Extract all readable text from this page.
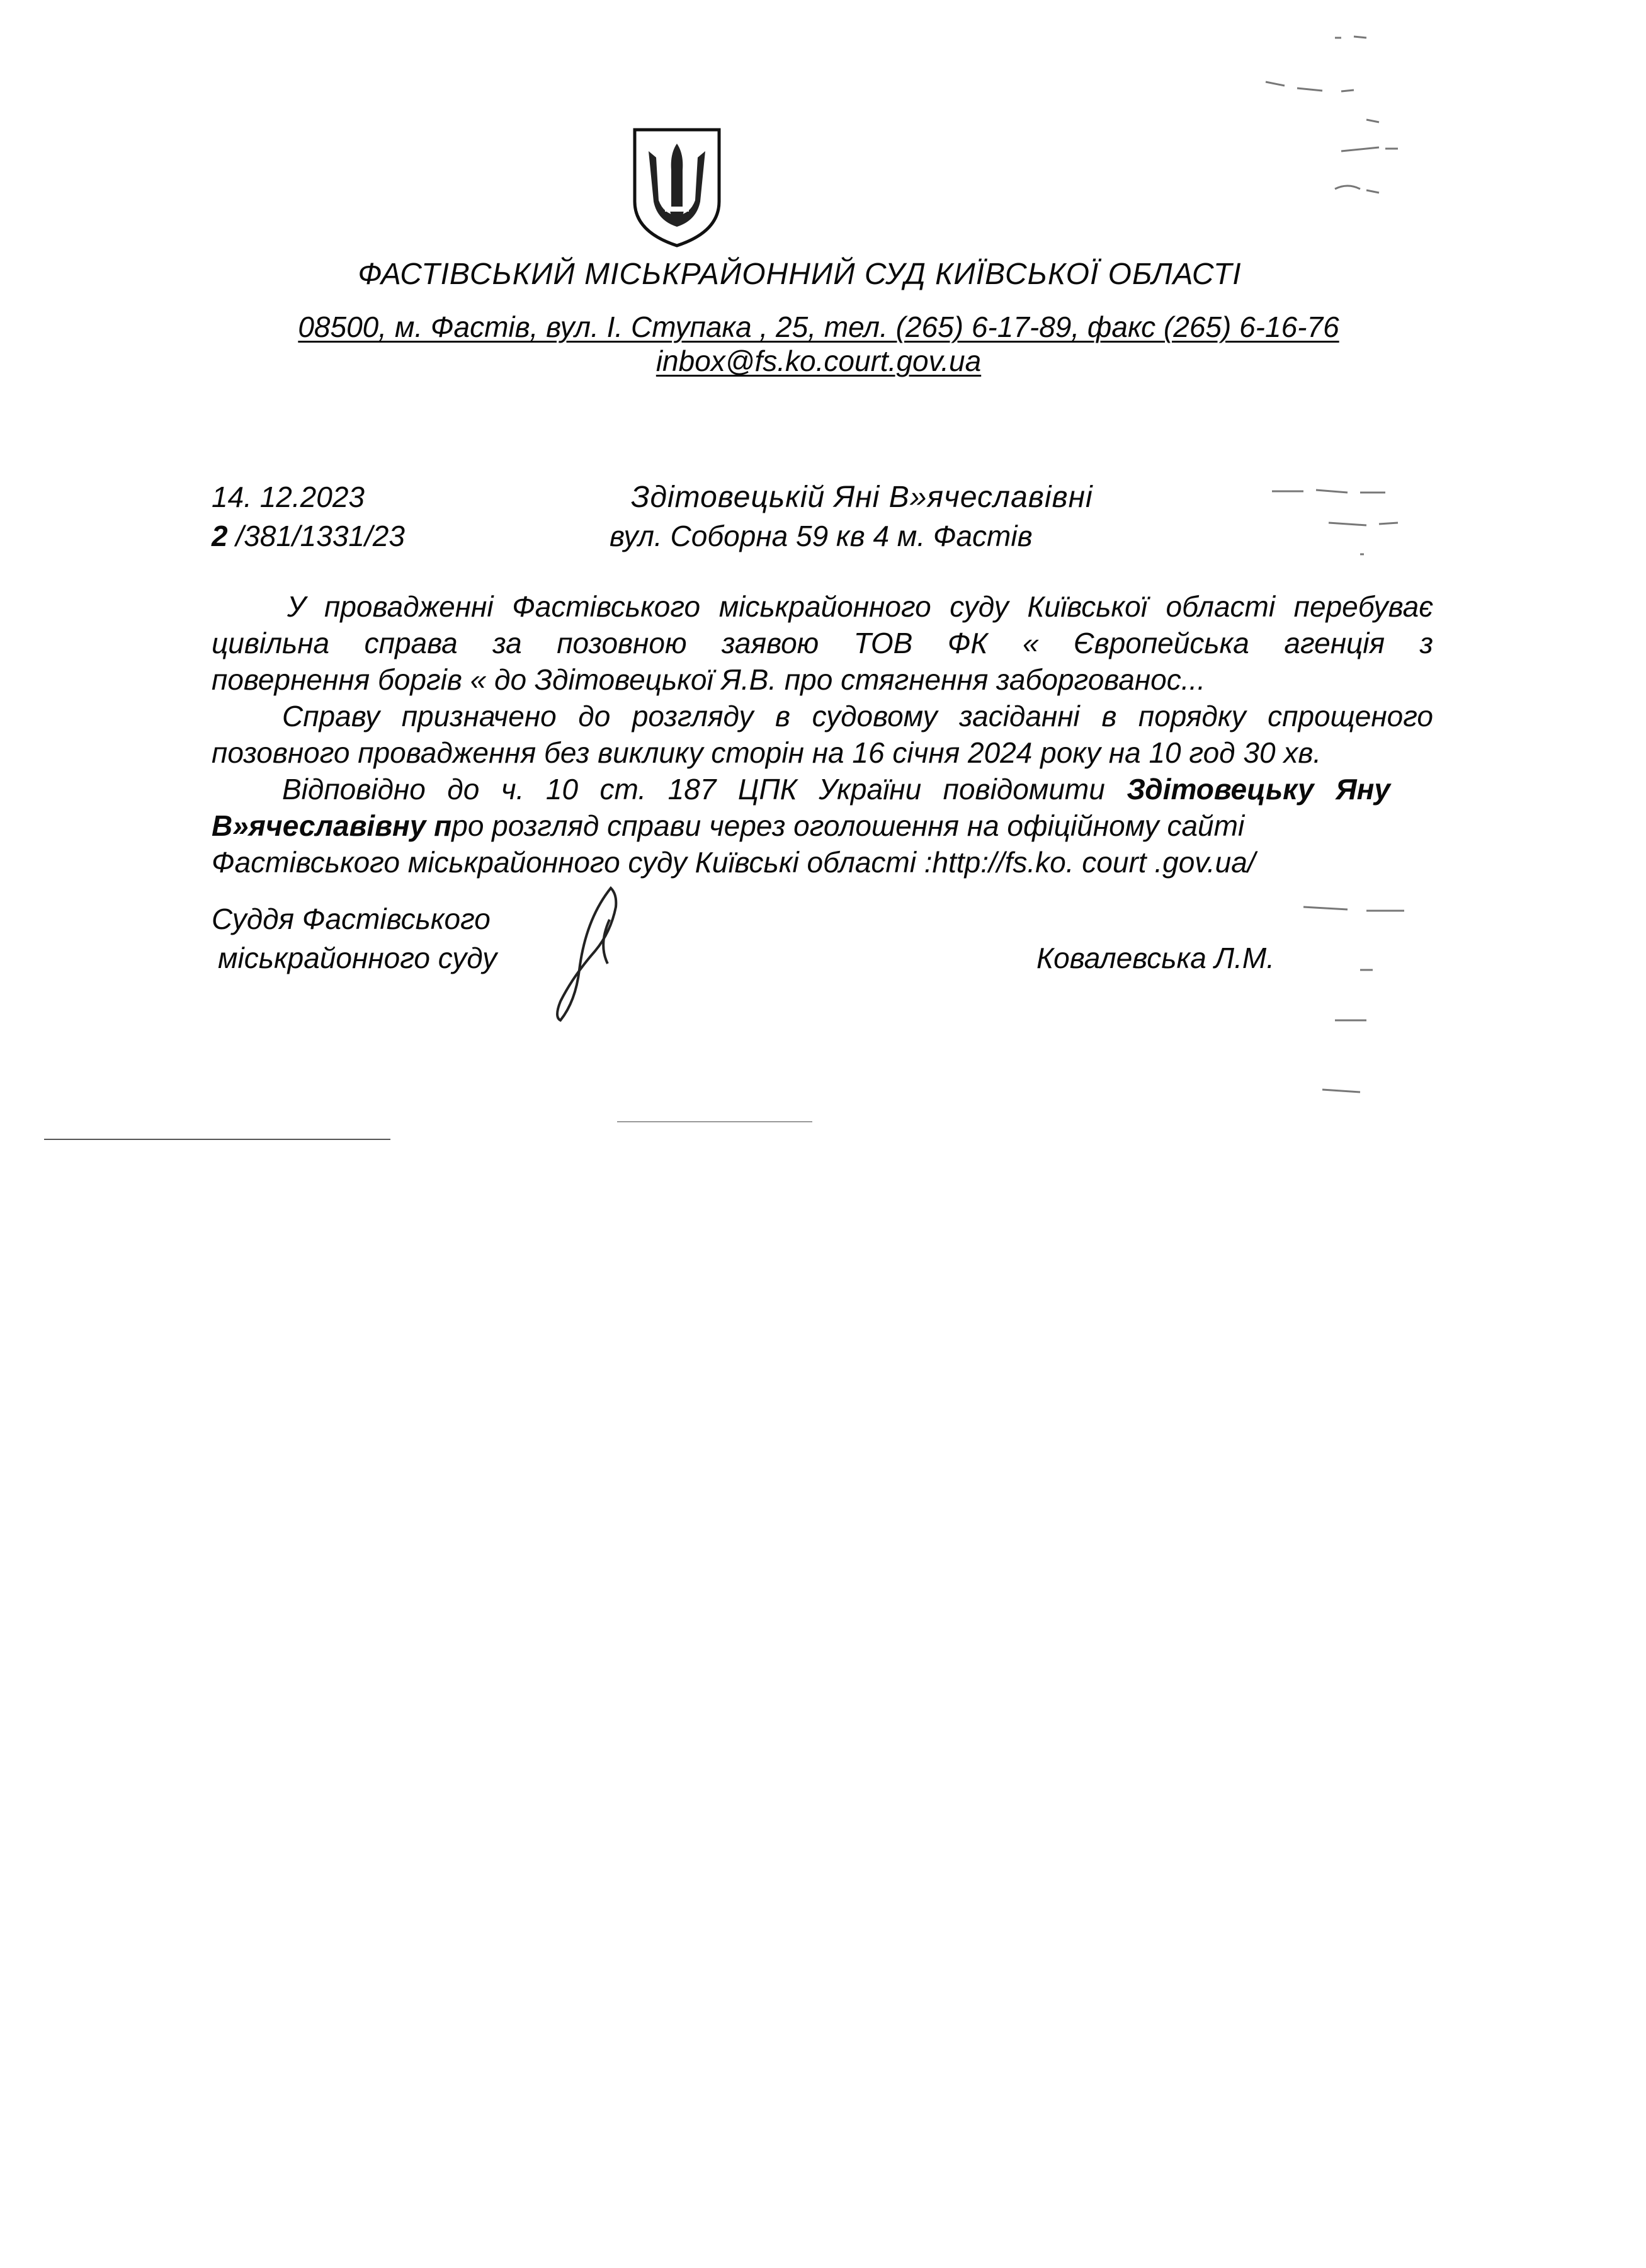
ФАСТІВСЬКИЙ МІСЬКРАЙОННИЙ СУД КИЇВСЬКОЇ ОБЛАСТІ
08500, м. Фастів, вул. І. Ступака , 25, тел. (265) 6-17-89, факс (265) 6-16-76
inbox@fs.ko.court.gov.ua
14. 12.2023
2 /381/1331/23
Здітовецькій Яні В»ячеславівні
вул. Соборна 59 кв 4 м. Фастів
У провадженні Фастівського міськрайонного суду Київської області перебуває
цивільна справа за позовною заявою ТОВ ФК « Європейська агенція з
повернення боргів « до Здітовецької Я.В. про стягнення заборгованос...
Справу призначено до розгляду в судовому засіданні в порядку спрощеного
позовного провадження без виклику сторін на 16 січня 2024 року на 10 год 30 хв.
Відповідно до ч. 10 ст. 187 ЦПК України повідомити Здітовецьку Яну
В»ячеславівну про розгляд справи через оголошення на офіційному сайті
Фастівського міськрайонного суду Київські області :http://fs.ko. court .gov.ua/
Суддя Фастівського
міськрайонного суду	Ковалевська Л.М.
